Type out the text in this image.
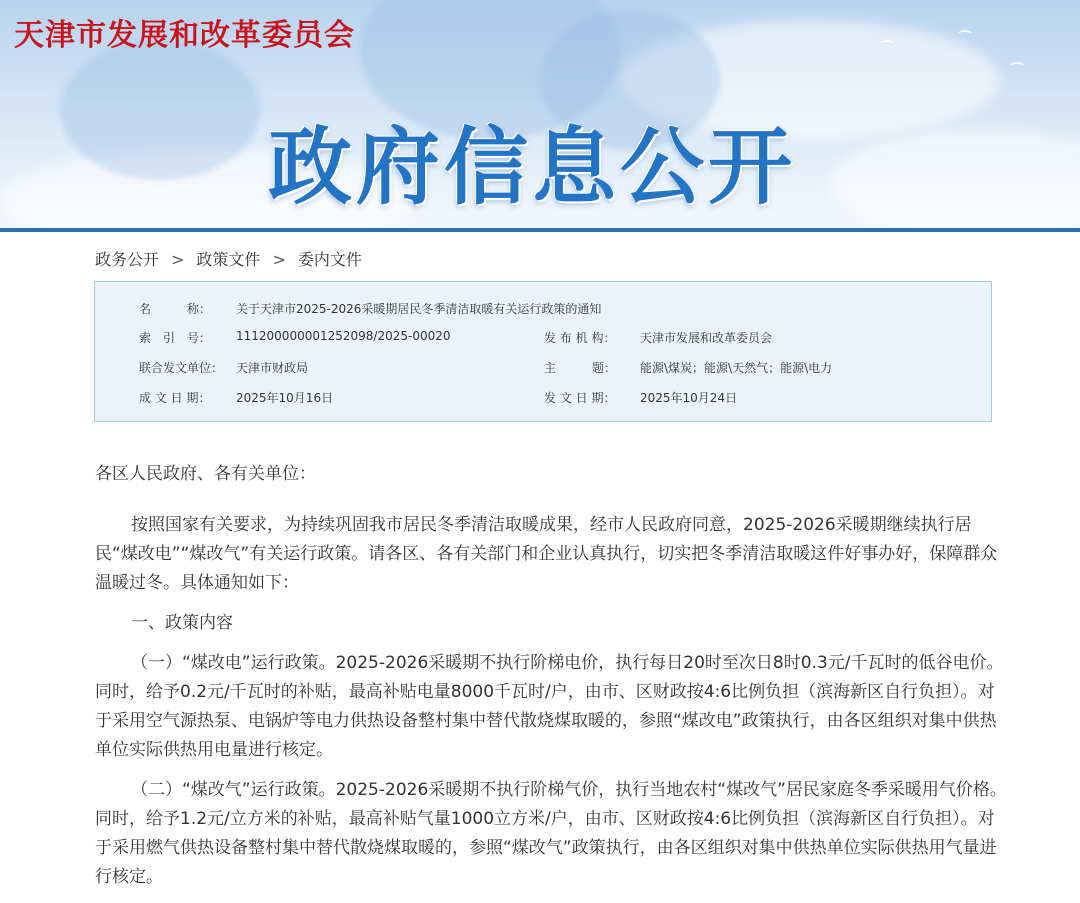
天津市发展和改革委员会
政府信息公开
政务公开 > 政策文件 > 委内文件
名　　　称：	关于天津市2025-2026采暖期居民冬季清洁取暖有关运行政策的通知
索　引　号：	111200000001252098/2025-00020	发 布 机 构：	天津市发展和改革委员会
联合发文单位： 天津市财政局	主　　　题：	能源\煤炭；能源\天然气；能源\电力
成 文 日 期：	2025年10月16日	发 文 日 期：	2025年10月24日

各区人民政府、各有关单位：

按照国家有关要求，为持续巩固我市居民冬季清洁取暖成果，经市人民政府同意，2025-2026采暖期继续执行居民“煤改电”“煤改气”有关运行政策。请各区、各有关部门和企业认真执行，切实把冬季清洁取暖这件好事办好，保障群众温暖过冬。具体通知如下：

一、政策内容

（一）“煤改电”运行政策。2025-2026采暖期不执行阶梯电价，执行每日20时至次日8时0.3元/千瓦时的低谷电价。同时，给予0.2元/千瓦时的补贴，最高补贴电量8000千瓦时/户，由市、区财政按4:6比例负担（滨海新区自行负担）。对于采用空气源热泵、电锅炉等电力供热设备整村集中替代散烧煤取暖的，参照“煤改电”政策执行，由各区组织对集中供热单位实际供热用电量进行核定。

（二）“煤改气”运行政策。2025-2026采暖期不执行阶梯气价，执行当地农村“煤改气”居民家庭冬季采暖用气价格。同时，给予1.2元/立方米的补贴，最高补贴气量1000立方米/户，由市、区财政按4:6比例负担（滨海新区自行负担）。对于采用燃气供热设备整村集中替代散烧煤取暖的，参照“煤改气”政策执行，由各区组织对集中供热单位实际供热用气量进行核定。
